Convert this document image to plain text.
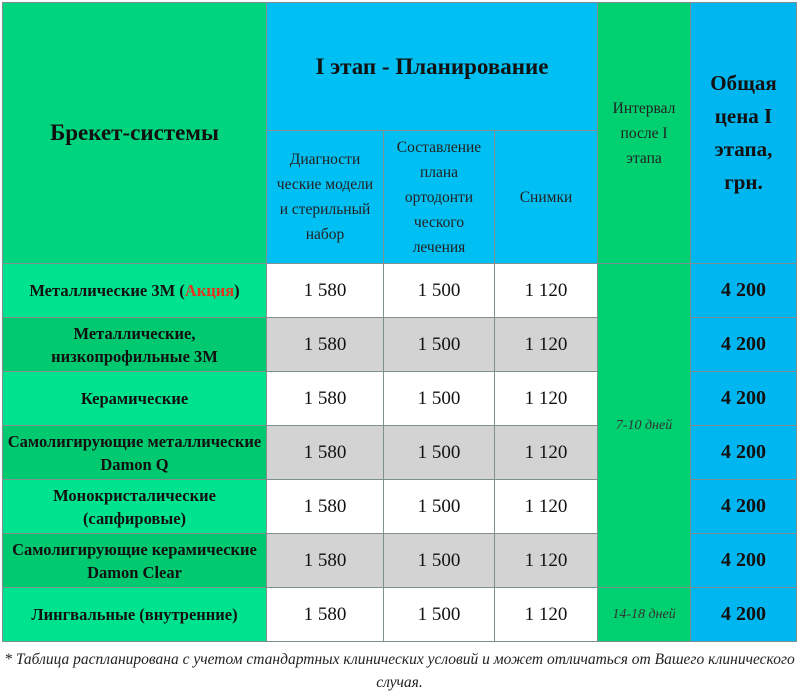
Брекет-системы	I этап - Планирование			Интервал после I этапа	Общая цена I этапа, грн.
	Диагности ческие модели и стерильный набор	Составление плана ортодонти ческого лечения	Снимки		
Металлические 3М (Акция)	1 580	1 500	1 120	7-10 дней	4 200
Металлические, низкопрофильные 3М	1 580	1 500	1 120		4 200
Керамические	1 580	1 500	1 120		4 200
Самолигирующие металлические Damon Q	1 580	1 500	1 120		4 200
Монокристалические (сапфировые)	1 580	1 500	1 120		4 200
Самолигирующие керамические Damon Clear	1 580	1 500	1 120		4 200
Лингвальные (внутренние)	1 580	1 500	1 120	14-18 дней	4 200
* Таблица распланирована с учетом стандартных клинических условий и может отличаться от Вашего клинического случая.
